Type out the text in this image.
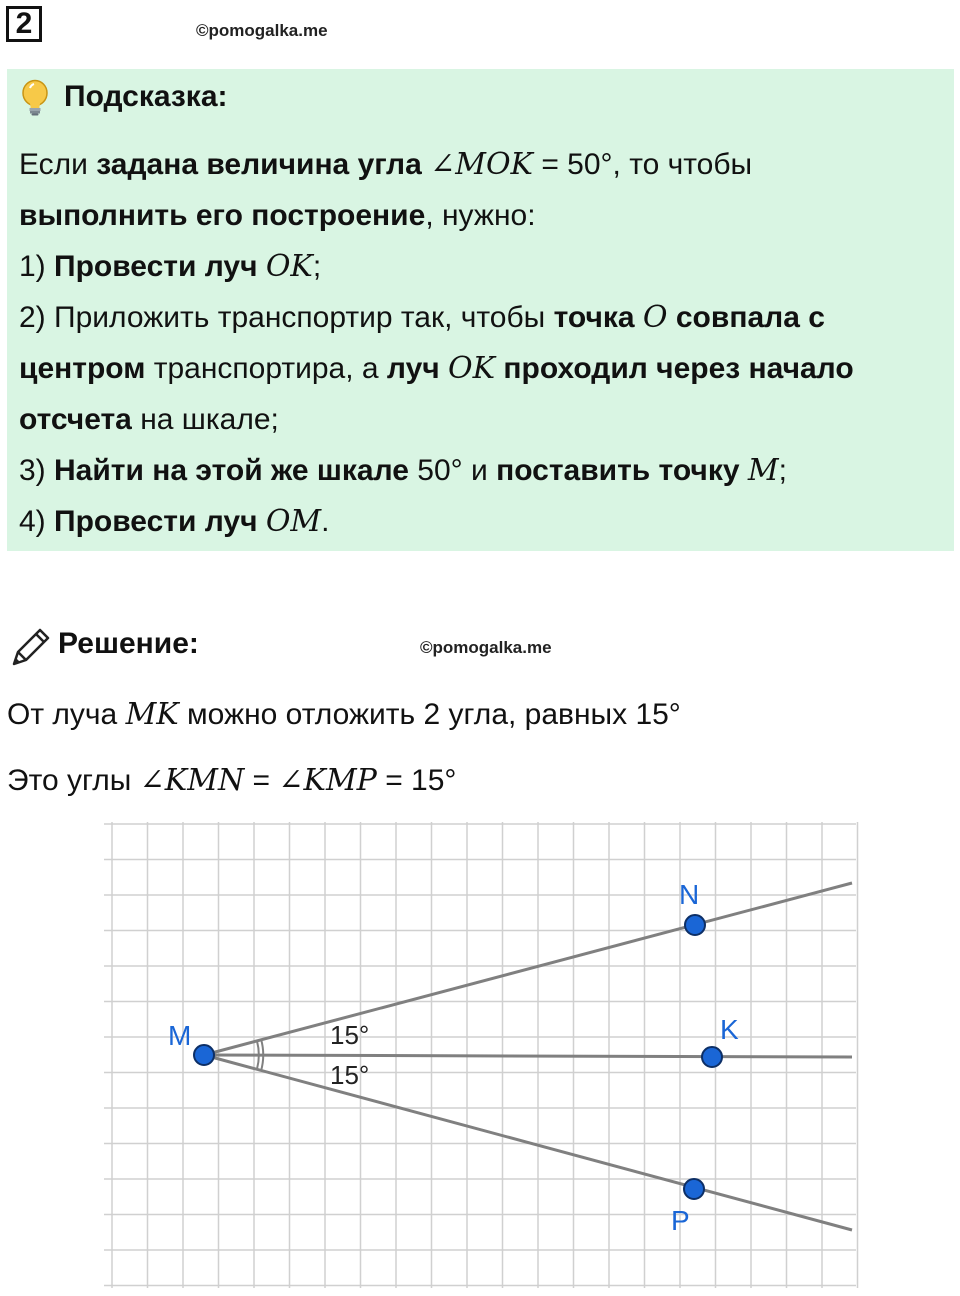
2	©pomogalka.me
Подсказка:
Если задана величина угла ∠MOK = 50°, то чтобы
выполнить его построение, нужно:
1) Провести луч OK;
2) Приложить транспортир так, чтобы точка O совпала с
центром транспортира, а луч OK проходил через начало
отсчета на шкале;
3) Найти на этой же шкале 50° и поставить точку M;
4) Провести луч OM.
Решение:	©pomogalka.me
От луча MK можно отложить 2 угла, равных 15°
Это углы ∠KMN = ∠KMP = 15°
15°
15°
M
N
K
P
